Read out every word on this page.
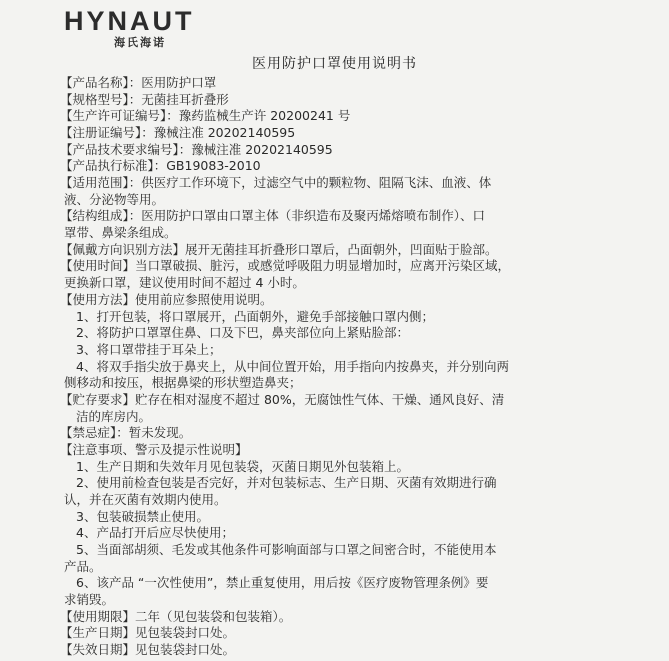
HYNAUT
海氏海诺
医用防护口罩使用说明书
【产品名称】：医用防护口罩
【规格型号】：无菌挂耳折叠形
【生产许可证编号】：豫药监械生产许 20200241 号
【注册证编号】：豫械注准 20202140595
【产品技术要求编号】：豫械注准 20202140595
【产品执行标准】：GB19083-2010
【适用范围】：供医疗工作环境下，过滤空气中的颗粒物、阻隔飞沫、血液、体
液、分泌物等用。
【结构组成】：医用防护口罩由口罩主体（非织造布及聚丙烯熔喷布制作）、口
罩带、鼻梁条组成。
【佩戴方向识别方法】展开无菌挂耳折叠形口罩后，凸面朝外，凹面贴于脸部。
【使用时间】当口罩破损、脏污，或感觉呼吸阻力明显增加时，应离开污染区域，
更换新口罩，建议使用时间不超过 4 小时。
【使用方法】使用前应参照使用说明。
1、打开包装，将口罩展开，凸面朝外，避免手部接触口罩内侧；
2、将防护口罩罩住鼻、口及下巴，鼻夹部位向上紧贴脸部：
3、将口罩带挂于耳朵上；
4、将双手指尖放于鼻夹上，从中间位置开始，用手指向内按鼻夹，并分别向两
侧移动和按压，根据鼻梁的形状塑造鼻夹；
【贮存要求】贮存在相对湿度不超过 80%，无腐蚀性气体、干燥、通风良好、清
洁的库房内。
【禁忌症】：暂未发现。
【注意事项、警示及提示性说明】
1、生产日期和失效年月见包装袋，灭菌日期见外包装箱上。
2、使用前检查包装是否完好，并对包装标志、生产日期、灭菌有效期进行确
认，并在灭菌有效期内使用。
3、包装破损禁止使用。
4、产品打开后应尽快使用；
5、当面部胡须、毛发或其他条件可影响面部与口罩之间密合时，不能使用本
产品。
6、该产品 “一次性使用”，禁止重复使用，用后按《医疗废物管理条例》要
求销毁。
【使用期限】二年（见包装袋和包装箱）。
【生产日期】见包装袋封口处。
【失效日期】见包装袋封口处。
